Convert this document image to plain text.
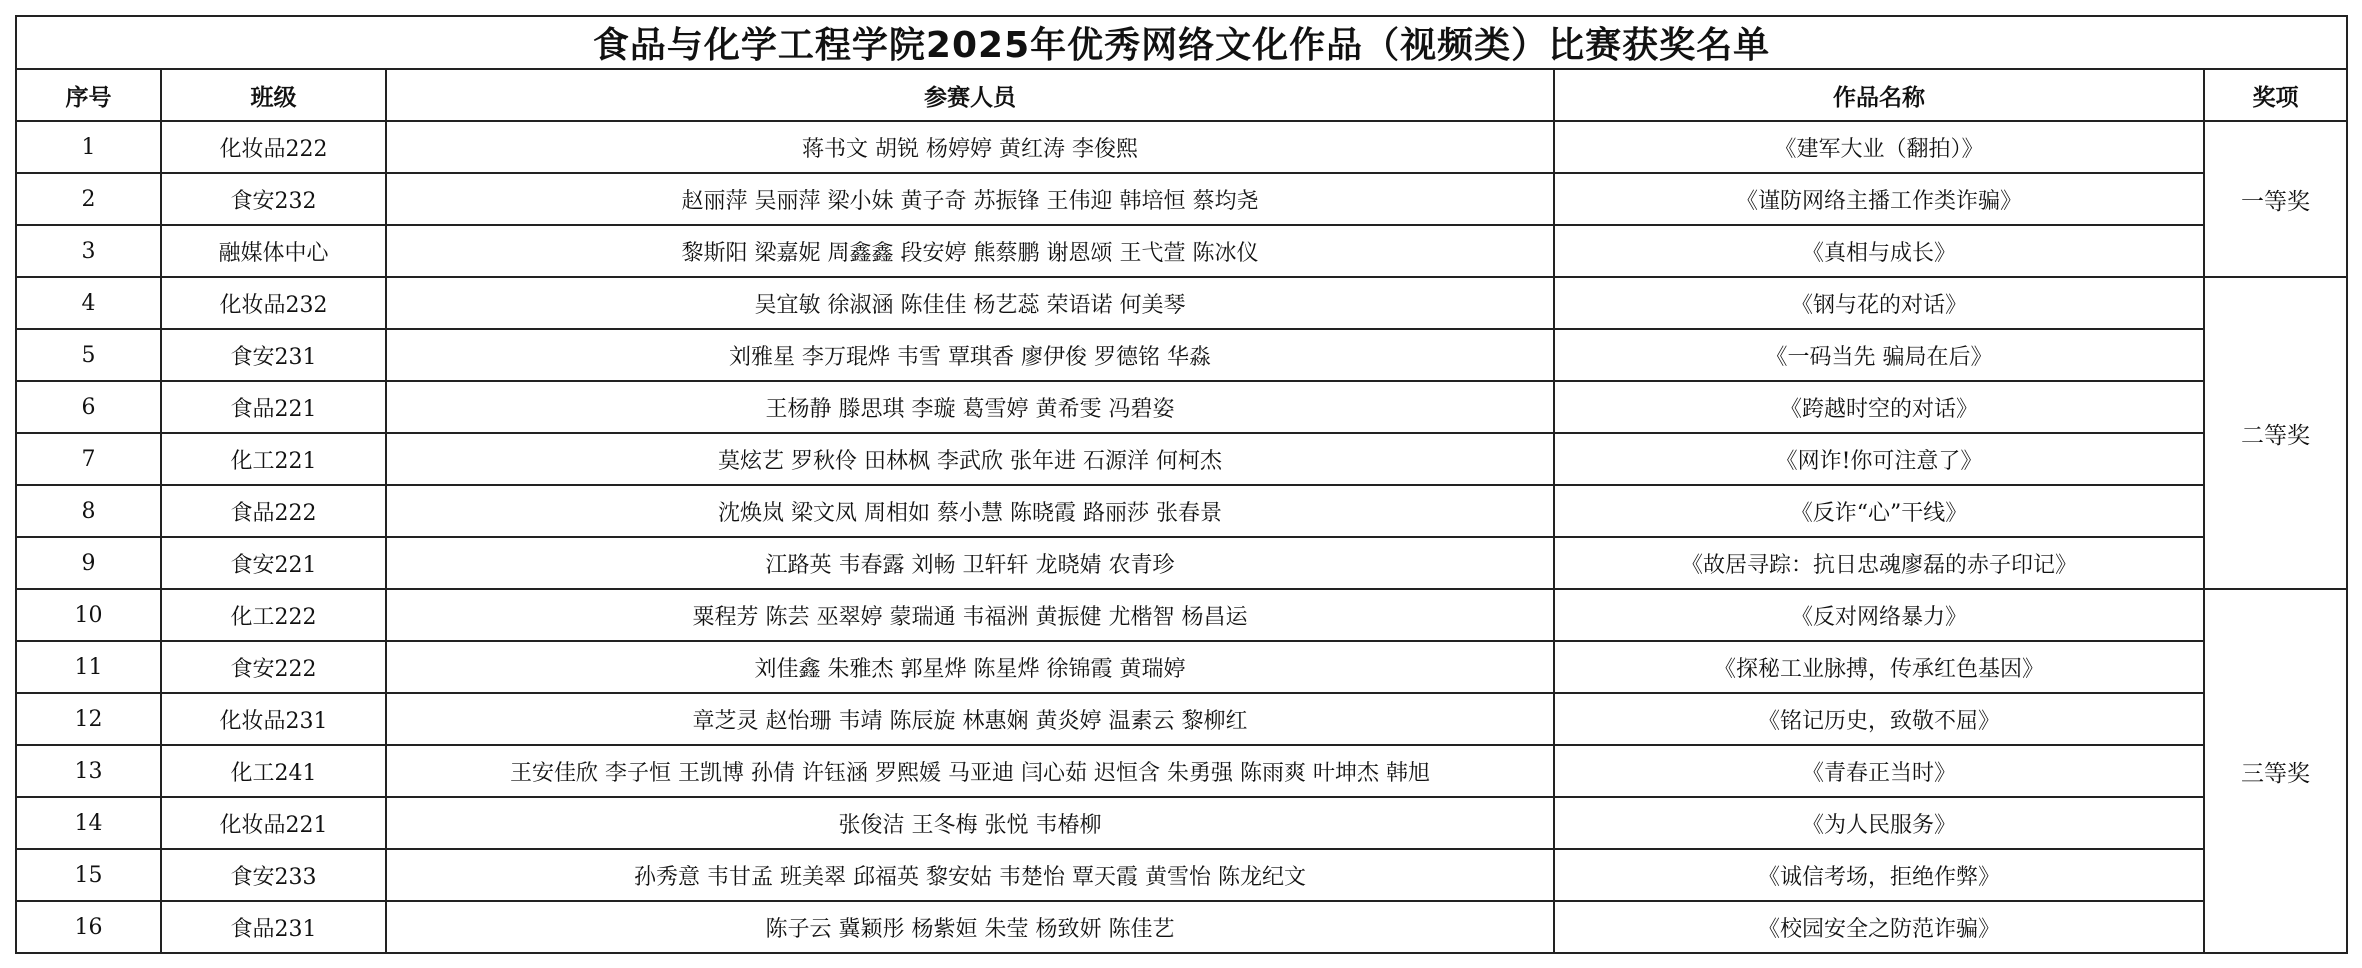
食品与化学工程学院2025年优秀网络文化作品（视频类）比赛获奖名单				
序号	班级	参赛人员	作品名称	奖项
1	化妆品222	蒋书文 胡锐 杨婷婷 黄红涛 李俊熙	《建军大业（翻拍）》	一等奖
2	食安232	赵丽萍 吴丽萍 梁小妹 黄子奇 苏振锋 王伟迎 韩培恒 蔡均尧	《谨防网络主播工作类诈骗》	
3	融媒体中心	黎斯阳 梁嘉妮 周鑫鑫 段安婷 熊蔡鹏 谢恩颂 王弋萱 陈冰仪	《真相与成长》	
4	化妆品232	吴宜敏 徐淑涵 陈佳佳 杨艺蕊 荣语诺 何美琴	《钢与花的对话》	二等奖
5	食安231	刘雅星 李万琨烨 韦雪 覃琪香 廖伊俊 罗德铭 华淼	《一码当先 骗局在后》	
6	食品221	王杨静 滕思琪 李璇 葛雪婷 黄希雯 冯碧姿	《跨越时空的对话》	
7	化工221	莫炫艺 罗秋伶 田林枫 李武欣 张年进 石源洋 何柯杰	《网诈!你可注意了》	
8	食品222	沈焕岚 梁文凤 周相如 蔡小慧 陈晓霞 路丽莎 张春景	《反诈“心”干线》	
9	食安221	江路英 韦春露 刘畅 卫轩轩 龙晓婧 农青珍	《故居寻踪：抗日忠魂廖磊的赤子印记》	
10	化工222	粟程芳 陈芸 巫翠婷 蒙瑞通 韦福洲 黄振健 尤楷智 杨昌运	《反对网络暴力》	三等奖
11	食安222	刘佳鑫 朱雅杰 郭星烨 陈星烨 徐锦霞 黄瑞婷	《探秘工业脉搏，传承红色基因》	
12	化妆品231	章芝灵 赵怡珊 韦靖 陈辰旋 林惠娴 黄炎婷 温素云 黎柳红	《铭记历史，致敬不屈》	
13	化工241	王安佳欣 李子恒 王凯博 孙倩 许钰涵 罗熙媛 马亚迪 闫心茹 迟恒含 朱勇强 陈雨爽 叶坤杰 韩旭	《青春正当时》	
14	化妆品221	张俊洁 王冬梅 张悦 韦椿柳	《为人民服务》	
15	食安233	孙秀意 韦甘孟 班美翠 邱福英 黎安姑 韦楚怡 覃天霞 黄雪怡 陈龙纪文	《诚信考场，拒绝作弊》	
16	食品231	陈子云 冀颖彤 杨紫姮 朱莹 杨致妍 陈佳艺	《校园安全之防范诈骗》	
